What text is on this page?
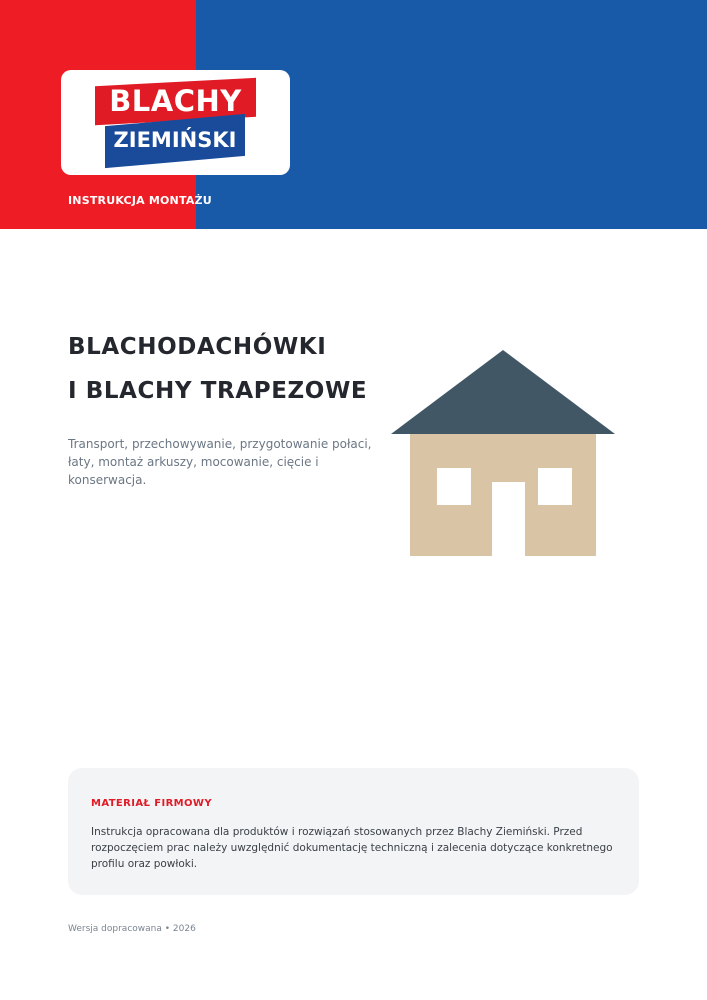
BLACHY
ZIEMIŃSKI
INSTRUKCJA MONTAŻU
BLACHODACHÓWKI
I BLACHY TRAPEZOWE

Transport, przechowywanie, przygotowanie połaci, łaty, montaż arkuszy, mocowanie, cięcie i konserwacja.

MATERIAŁ FIRMOWY

Instrukcja opracowana dla produktów i rozwiązań stosowanych przez Blachy Ziemiński. Przed rozpoczęciem prac należy uwzględnić dokumentację techniczną i zalecenia dotyczące konkretnego profilu oraz powłoki.

Wersja dopracowana • 2026
